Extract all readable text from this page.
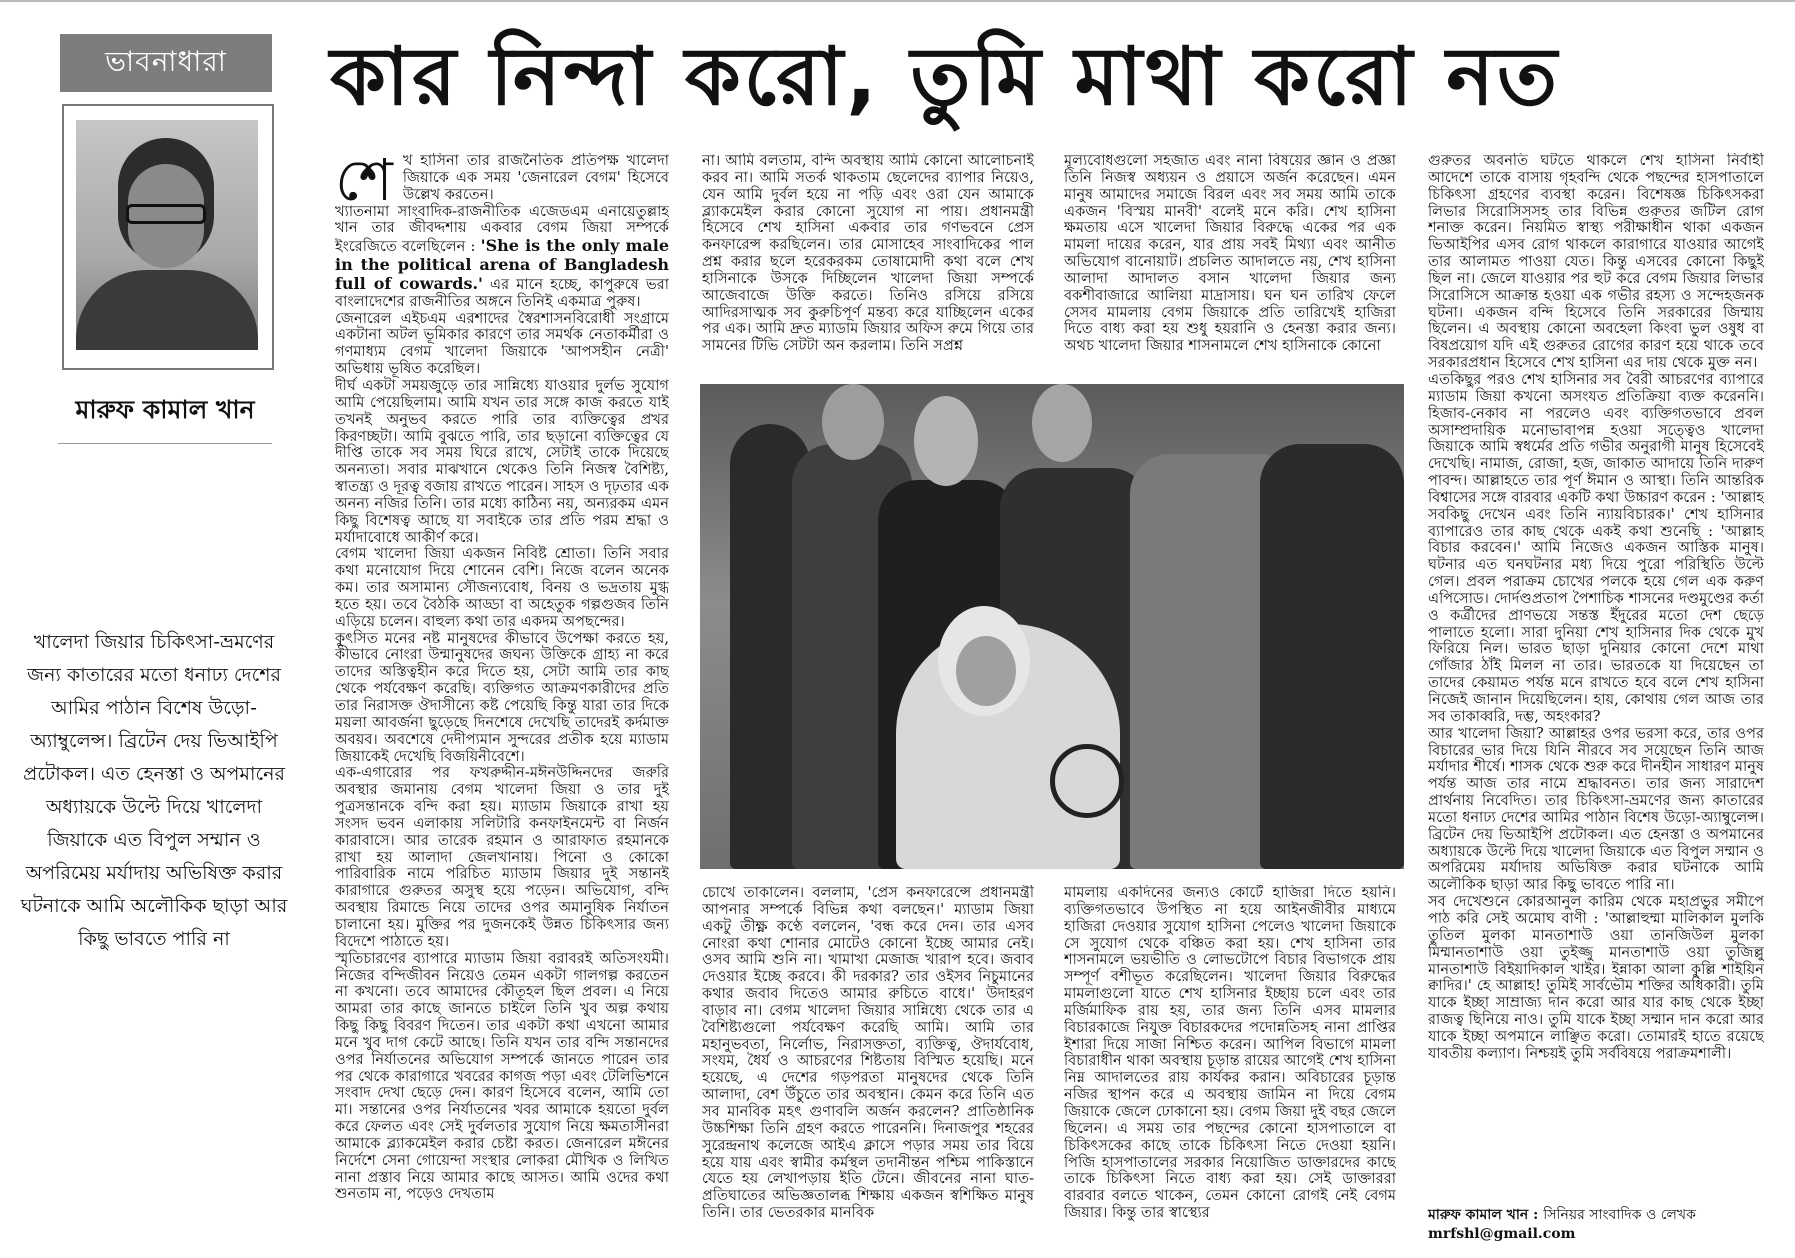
ভাবনাধারা
মারুফ কামাল খান
খালেদা জিয়ার চিকিৎসা-ভ্রমণের জন্য কাতারের মতো ধনাঢ্য দেশের আমির পাঠান বিশেষ উড়ো-অ্যাম্বুলেন্স। ব্রিটেন দেয় ভিআইপি প্রটোকল। এত হেনস্তা ও অপমানের অধ্যায়কে উল্টে দিয়ে খালেদা জিয়াকে এত বিপুল সম্মান ও অপরিমেয় মর্যাদায় অভিষিক্ত করার ঘটনাকে আমি অলৌকিক ছাড়া আর কিছু ভাবতে পারি না
কার নিন্দা করো, তুমি মাথা করো নত

শে খ হাসিনা তার রাজনৈতিক প্রতিপক্ষ খালেদা জিয়াকে এক সময় 'জেনারেল বেগম' হিসেবে উল্লেখ করতেন।

খ্যাতনামা সাংবাদিক-রাজনীতিক এজেডএম এনায়েতুল্লাহ খান তার জীবদ্দশায় একবার বেগম জিয়া সম্পর্কে ইংরেজিতে বলেছিলেন : 'She is the only male in the political arena of Bangladesh full of cowards.' এর মানে হচ্ছে, কাপুরুষে ভরা বাংলাদেশের রাজনীতির অঙ্গনে তিনিই একমাত্র পুরুষ।

জেনারেল এইচএম এরশাদের স্বৈরশাসনবিরোধী সংগ্রামে একটানা অটল ভূমিকার কারণে তার সমর্থক নেতাকর্মীরা ও গণমাধ্যম বেগম খালেদা জিয়াকে 'আপসহীন নেত্রী' অভিধায় ভূষিত করেছিল।

দীর্ঘ একটা সময়জুড়ে তার সান্নিধ্যে যাওয়ার দুর্লভ সুযোগ আমি পেয়েছিলাম। আমি যখন তার সঙ্গে কাজ করতে যাই তখনই অনুভব করতে পারি তার ব্যক্তিত্বের প্রখর কিরণচ্ছটা। আমি বুঝতে পারি, তার ছড়ানো ব্যক্তিত্বের যে দীপ্তি তাকে সব সময় ঘিরে রাখে, সেটাই তাকে দিয়েছে অনন্যতা। সবার মাঝখানে থেকেও তিনি নিজস্ব বৈশিষ্ট্য, স্বাতন্ত্র্য ও দূরত্ব বজায় রাখতে পারেন। সাহস ও দৃঢ়তার এক অনন্য নজির তিনি। তার মধ্যে কাঠিন্য নয়, অন্যরকম এমন কিছু বিশেষত্ব আছে যা সবাইকে তার প্রতি পরম শ্রদ্ধা ও মর্যাদাবোধে আকীর্ণ করে।

বেগম খালেদা জিয়া একজন নিবিষ্ট শ্রোতা। তিনি সবার কথা মনোযোগ দিয়ে শোনেন বেশি। নিজে বলেন অনেক কম। তার অসামান্য সৌজন্যবোধ, বিনয় ও ভদ্রতায় মুগ্ধ হতে হয়। তবে বৈঠকি আড্ডা বা অহেতুক গল্পগুজব তিনি এড়িয়ে চলেন। বাহুল্য কথা তার একদম অপছন্দের।

কুৎসিত মনের নষ্ট মানুষদের কীভাবে উপেক্ষা করতে হয়, কীভাবে নোংরা উন্মানুষদের জঘন্য উক্তিকে গ্রাহ্য না করে তাদের অস্তিত্বহীন করে দিতে হয়, সেটা আমি তার কাছ থেকে পর্যবেক্ষণ করেছি। ব্যক্তিগত আক্রমণকারীদের প্রতি তার নিরাসক্ত ঔদাসীন্যে কষ্ট পেয়েছি কিন্তু যারা তার দিকে ময়লা আবর্জনা ছুড়েছে দিনশেষে দেখেছি তাদেরই কর্দমাক্ত অবয়ব। অবশেষে দেদীপ্যমান সুন্দরের প্রতীক হয়ে ম্যাডাম জিয়াকেই দেখেছি বিজয়িনীবেশে।

এক-এগারোর পর ফখরুদ্দীন-মঈনউদ্দিনদের জরুরি অবস্থার জমানায় বেগম খালেদা জিয়া ও তার দুই পুত্রসন্তানকে বন্দি করা হয়। ম্যাডাম জিয়াকে রাখা হয় সংসদ ভবন এলাকায় সলিটারি কনফাইনমেন্ট বা নির্জন কারাবাসে। আর তারেক রহমান ও আরাফাত রহমানকে রাখা হয় আলাদা জেলখানায়। পিনো ও কোকো পারিবারিক নামে পরিচিত ম্যাডাম জিয়ার দুই সন্তানই কারাগারে গুরুতর অসুস্থ হয়ে পড়েন। অভিযোগ, বন্দি অবস্থায় রিমান্ডে নিয়ে তাদের ওপর অমানুষিক নির্যাতন চালানো হয়। মুক্তির পর দুজনকেই উন্নত চিকিৎসার জন্য বিদেশে পাঠাতে হয়।

স্মৃতিচারণের ব্যাপারে ম্যাডাম জিয়া বরাবরই অতিসংযমী। নিজের বন্দিজীবন নিয়েও তেমন একটা গালগল্প করতেন না কখনো। তবে আমাদের কৌতূহল ছিল প্রবল। এ নিয়ে আমরা তার কাছে জানতে চাইলে তিনি খুব অল্প কথায় কিছু কিছু বিবরণ দিতেন। তার একটা কথা এখনো আমার মনে খুব দাগ কেটে আছে। তিনি যখন তার বন্দি সন্তানদের ওপর নির্যাতনের অভিযোগ সম্পর্কে জানতে পারেন তার পর থেকে কারাগারে খবরের কাগজ পড়া এবং টেলিভিশনে সংবাদ দেখা ছেড়ে দেন। কারণ হিসেবে বলেন, আমি তো মা। সন্তানের ওপর নির্যাতনের খবর আমাকে হয়তো দুর্বল করে ফেলত এবং সেই দুর্বলতার সুযোগ নিয়ে ক্ষমতাসীনরা আমাকে ব্ল্যাকমেইল করার চেষ্টা করত। জেনারেল মঈনের নির্দেশে সেনা গোয়েন্দা সংস্থার লোকরা মৌখিক ও লিখিত নানা প্রস্তাব নিয়ে আমার কাছে আসত। আমি ওদের কথা শুনতাম না, পড়েও দেখতাম

না। আমি বলতাম, বন্দি অবস্থায় আমি কোনো আলোচনাই করব না। আমি সতর্ক থাকতাম ছেলেদের ব্যাপার নিয়েও, যেন আমি দুর্বল হয়ে না পড়ি এবং ওরা যেন আমাকে ব্ল্যাকমেইল করার কোনো সুযোগ না পায়। প্রধানমন্ত্রী হিসেবে শেখ হাসিনা একবার তার গণভবনে প্রেস কনফারেন্স করছিলেন। তার মোসাহেব সাংবাদিকের পাল প্রশ্ন করার ছলে হরেকরকম তোষামোদী কথা বলে শেখ হাসিনাকে উসকে দিচ্ছিলেন খালেদা জিয়া সম্পর্কে আজেবাজে উক্তি করতে। তিনিও রসিয়ে রসিয়ে আদিরসাত্মক সব কুরুচিপূর্ণ মন্তব্য করে যাচ্ছিলেন একের পর এক। আমি দ্রুত ম্যাডাম জিয়ার অফিস রুমে গিয়ে তার সামনের টিভি সেটটা অন করলাম। তিনি সপ্রশ্ন

মূল্যবোধগুলো সহজাত এবং নানা বিষয়ের জ্ঞান ও প্রজ্ঞা তিনি নিজস্ব অধ্যয়ন ও প্রয়াসে অর্জন করেছেন। এমন মানুষ আমাদের সমাজে বিরল এবং সব সময় আমি তাকে একজন 'বিস্ময় মানবী' বলেই মনে করি। শেখ হাসিনা ক্ষমতায় এসে খালেদা জিয়ার বিরুদ্ধে একের পর এক মামলা দায়ের করেন, যার প্রায় সবই মিথ্যা এবং আনীত অভিযোগ বানোয়াট। প্রচলিত আদালতে নয়, শেখ হাসিনা আলাদা আদালত বসান খালেদা জিয়ার জন্য বকশীবাজারে আলিয়া মাদ্রাসায়। ঘন ঘন তারিখ ফেলে সেসব মামলায় বেগম জিয়াকে প্রতি তারিখেই হাজিরা দিতে বাধ্য করা হয় শুধু হয়রানি ও হেনস্তা করার জন্য। অথচ খালেদা জিয়ার শাসনামলে শেখ হাসিনাকে কোনো

চোখে তাকালেন। বললাম, 'প্রেস কনফারেন্সে প্রধানমন্ত্রী আপনার সম্পর্কে বিভিন্ন কথা বলছেন।' ম্যাডাম জিয়া একটু তীক্ষ্ণ কণ্ঠে বললেন, 'বন্ধ করে দেন। তার এসব নোংরা কথা শোনার মোটেও কোনো ইচ্ছে আমার নেই। ওসব আমি শুনি না। খামাখা মেজাজ খারাপ হবে। জবাব দেওয়ার ইচ্ছে করবে। কী দরকার? তার ওইসব নিচুমানের কথার জবাব দিতেও আমার রুচিতে বাধে।' উদাহরণ বাড়াব না। বেগম খালেদা জিয়ার সান্নিধ্যে থেকে তার এ বৈশিষ্ট্যগুলো পর্যবেক্ষণ করেছি আমি। আমি তার মহানুভবতা, নির্লোভ, নিরাসক্ততা, ব্যক্তিত্ব, ঔদার্যবোধ, সংযম, ধৈর্য ও আচরণের শিষ্টতায় বিস্মিত হয়েছি। মনে হয়েছে, এ দেশের গড়পরতা মানুষদের থেকে তিনি আলাদা, বেশ উঁচুতে তার অবস্থান। কেমন করে তিনি এত সব মানবিক মহৎ গুণাবলি অর্জন করলেন? প্রাতিষ্ঠানিক উচ্চশিক্ষা তিনি গ্রহণ করতে পারেননি। দিনাজপুর শহরের সুরেন্দ্রনাথ কলেজে আইএ ক্লাসে পড়ার সময় তার বিয়ে হয়ে যায় এবং স্বামীর কর্মস্থল তদানীন্তন পশ্চিম পাকিস্তানে যেতে হয় লেখাপড়ায় ইতি টেনে। জীবনের নানা ঘাত-প্রতিঘাতের অভিজ্ঞতালব্ধ শিক্ষায় একজন স্বশিক্ষিত মানুষ তিনি। তার ভেতরকার মানবিক

মামলায় একদিনের জন্যও কোর্টে হাজিরা দিতে হয়নি। ব্যক্তিগতভাবে উপস্থিত না হয়ে আইনজীবীর মাধ্যমে হাজিরা দেওয়ার সুযোগ হাসিনা পেলেও খালেদা জিয়াকে সে সুযোগ থেকে বঞ্চিত করা হয়। শেখ হাসিনা তার শাসনামলে ভয়ভীতি ও লোভটোপে বিচার বিভাগকে প্রায় সম্পূর্ণ বশীভূত করেছিলেন। খালেদা জিয়ার বিরুদ্ধের মামলাগুলো যাতে শেখ হাসিনার ইচ্ছায় চলে এবং তার মর্জিমাফিক রায় হয়, তার জন্য তিনি এসব মামলার বিচারকাজে নিযুক্ত বিচারকদের পদোন্নতিসহ নানা প্রাপ্তির ইশারা দিয়ে সাজা নিশ্চিত করেন। আপিল বিভাগে মামলা বিচারাধীন থাকা অবস্থায় চূড়ান্ত রায়ের আগেই শেখ হাসিনা নিম্ন আদালতের রায় কার্যকর করান। অবিচারের চূড়ান্ত নজির স্থাপন করে এ অবস্থায় জামিন না দিয়ে বেগম জিয়াকে জেলে ঢোকানো হয়। বেগম জিয়া দুই বছর জেলে ছিলেন। এ সময় তার পছন্দের কোনো হাসপাতালে বা চিকিৎসকের কাছে তাকে চিকিৎসা নিতে দেওয়া হয়নি। পিজি হাসপাতালের সরকার নিয়োজিত ডাক্তারদের কাছে তাকে চিকিৎসা নিতে বাধ্য করা হয়। সেই ডাক্তাররা বারবার বলতে থাকেন, তেমন কোনো রোগই নেই বেগম জিয়ার। কিন্তু তার স্বাস্থ্যের

গুরুতর অবনতি ঘটতে থাকলে শেখ হাসিনা নির্বাহী আদেশে তাকে বাসায় গৃহবন্দি থেকে পছন্দের হাসপাতালে চিকিৎসা গ্রহণের ব্যবস্থা করেন। বিশেষজ্ঞ চিকিৎসকরা লিভার সিরোসিসসহ তার বিভিন্ন গুরুতর জটিল রোগ শনাক্ত করেন। নিয়মিত স্বাস্থ্য পরীক্ষাধীন থাকা একজন ভিআইপির এসব রোগ থাকলে কারাগারে যাওয়ার আগেই তার আলামত পাওয়া যেত। কিন্তু এসবের কোনো কিছুই ছিল না। জেলে যাওয়ার পর হুট করে বেগম জিয়ার লিভার সিরোসিসে আক্রান্ত হওয়া এক গভীর রহস্য ও সন্দেহজনক ঘটনা। একজন বন্দি হিসেবে তিনি সরকারের জিম্মায় ছিলেন। এ অবস্থায় কোনো অবহেলা কিংবা ভুল ওষুধ বা বিষপ্রয়োগ যদি এই গুরুতর রোগের কারণ হয়ে থাকে তবে সরকারপ্রধান হিসেবে শেখ হাসিনা এর দায় থেকে মুক্ত নন।

এতকিছুর পরও শেখ হাসিনার সব বৈরী আচরণের ব্যাপারে ম্যাডাম জিয়া কখনো অসংযত প্রতিক্রিয়া ব্যক্ত করেননি। হিজাব-নেকাব না পরলেও এবং ব্যক্তিগতভাবে প্রবল অসাম্প্রদায়িক মনোভাবাপন্ন হওয়া সত্ত্বেও খালেদা জিয়াকে আমি স্বধর্মের প্রতি গভীর অনুরাগী মানুষ হিসেবেই দেখেছি। নামাজ, রোজা, হজ, জাকাত আদায়ে তিনি দারুণ পাবন্দ। আল্লাহতে তার পূর্ণ ঈমান ও আস্থা। তিনি আন্তরিক বিশ্বাসের সঙ্গে বারবার একটি কথা উচ্চারণ করেন : 'আল্লাহ সবকিছু দেখেন এবং তিনি ন্যায়বিচারক।' শেখ হাসিনার ব্যাপারেও তার কাছ থেকে একই কথা শুনেছি : 'আল্লাহ বিচার করবেন।' আমি নিজেও একজন আস্তিক মানুষ। ঘটনার এত ঘনঘটনার মধ্য দিয়ে পুরো পরিস্থিতি উল্টে গেল। প্রবল পরাক্রম চোখের পলকে হয়ে গেল এক করুণ এপিসোড। দোর্দণ্ডপ্রতাপ পৈশাচিক শাসনের দণ্ডমুণ্ডের কর্তা ও কর্ত্রীদের প্রাণভয়ে সন্তস্ত ইঁদুরের মতো দেশ ছেড়ে পালাতে হলো। সারা দুনিয়া শেখ হাসিনার দিক থেকে মুখ ফিরিয়ে নিল। ভারত ছাড়া দুনিয়ার কোনো দেশে মাথা গোঁজার ঠাঁই মিলল না তার। ভারতকে যা দিয়েছেন তা তাদের কেয়ামত পর্যন্ত মনে রাখতে হবে বলে শেখ হাসিনা নিজেই জানান দিয়েছিলেন। হায়, কোথায় গেল আজ তার সব তাকাব্বরি, দম্ভ, অহংকার?

আর খালেদা জিয়া? আল্লাহর ওপর ভরসা করে, তার ওপর বিচারের ভার দিয়ে যিনি নীরবে সব সয়েছেন তিনি আজ মর্যাদার শীর্ষে। শাসক থেকে শুরু করে দীনহীন সাধারণ মানুষ পর্যন্ত আজ তার নামে শ্রদ্ধাবনত। তার জন্য সারাদেশ প্রার্থনায় নিবেদিত। তার চিকিৎসা-ভ্রমণের জন্য কাতারের মতো ধনাঢ্য দেশের আমির পাঠান বিশেষ উড়ো-অ্যাম্বুলেন্স। ব্রিটেন দেয় ভিআইপি প্রটোকল। এত হেনস্তা ও অপমানের অধ্যায়কে উল্টে দিয়ে খালেদা জিয়াকে এত বিপুল সম্মান ও অপরিমেয় মর্যাদায় অভিষিক্ত করার ঘটনাকে আমি অলৌকিক ছাড়া আর কিছু ভাবতে পারি না।

সব দেখেশুনে কোরআনুল কারিম থেকে মহাপ্রভুর সমীপে পাঠ করি সেই অমোঘ বাণী : 'আল্লাহুম্মা মালিকাল মুলকি তুতিল মুলকা মানতাশাউ ওয়া তানজিউল মুলকা মিম্মানতাশাউ ওয়া তুইজ্জু মানতাশাউ ওয়া তুজিল্লু মানতাশাউ বিইয়াদিকাল খাইর। ইন্নাকা আলা কুল্লি শাইয়িন ক্বাদির।' হে আল্লাহ! তুমিই সার্বভৌম শক্তির অধিকারী। তুমি যাকে ইচ্ছা সাম্রাজ্য দান করো আর যার কাছ থেকে ইচ্ছা রাজত্ব ছিনিয়ে নাও। তুমি যাকে ইচ্ছা সম্মান দান করো আর যাকে ইচ্ছা অপমানে লাঞ্ছিত করো। তোমারই হাতে রয়েছে যাবতীয় কল্যাণ। নিশ্চয়ই তুমি সর্ববিষয়ে পরাক্রমশালী।

মারুফ কামাল খান : সিনিয়র সাংবাদিক ও লেখক
mrfshl@gmail.com
